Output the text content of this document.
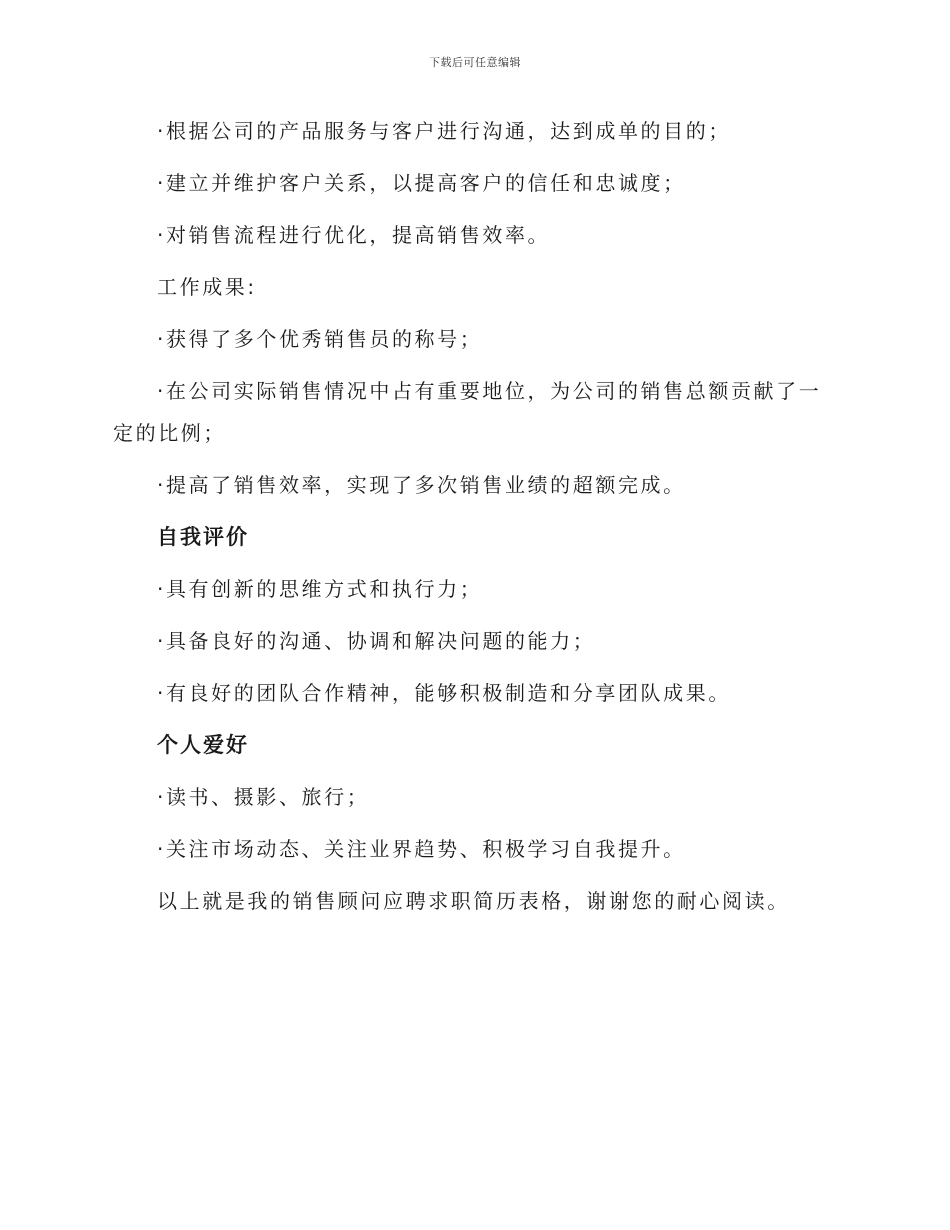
下载后可任意编辑

·根据公司的产品服务与客户进行沟通，达到成单的目的；

·建立并维护客户关系，以提高客户的信任和忠诚度；

·对销售流程进行优化，提高销售效率。

工作成果:

·获得了多个优秀销售员的称号；

·在公司实际销售情况中占有重要地位，为公司的销售总额贡献了一定的比例；

·提高了销售效率，实现了多次销售业绩的超额完成。

自我评价

·具有创新的思维方式和执行力；

·具备良好的沟通、协调和解决问题的能力；

·有良好的团队合作精神，能够积极制造和分享团队成果。

个人爱好

·读书、摄影、旅行；

·关注市场动态、关注业界趋势、积极学习自我提升。

以上就是我的销售顾问应聘求职简历表格，谢谢您的耐心阅读。
